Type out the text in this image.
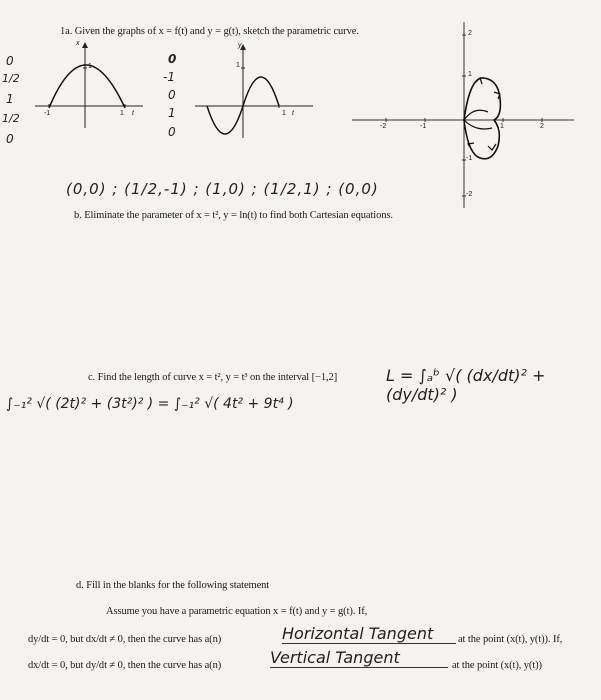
0
1/2
1
1/2
0
1a. Given the graphs of x = f(t) and y = g(t), sketch the parametric curve.
x
1
-1	1 t
0
-1
0
1
0
y
1
1 t
-2	-1	1	2
2
1
-1
-2
(0,0) ; (1/2,-1) ; (1,0) ; (1/2,1) ; (0,0)
b. Eliminate the parameter of x = t², y = ln(t) to find both Cartesian equations.
c. Find the length of curve x = t², y = t³ on the interval [−1,2]	L = ∫ₐᵇ √( (dx/dt)² + (dy/dt)² )
∫₋₁² √( (2t)² + (3t²)² ) = ∫₋₁² √( 4t² + 9t⁴ )
d. Fill in the blanks for the following statement
Assume you have a parametric equation x = f(t) and y = g(t). If,
dy/dt = 0, but dx/dt ≠ 0, then the curve has a(n)	Horizontal Tangent	at the point (x(t), y(t)). If,
dx/dt = 0, but dy/dt ≠ 0, then the curve has a(n)	Vertical Tangent	at the point (x(t), y(t))
